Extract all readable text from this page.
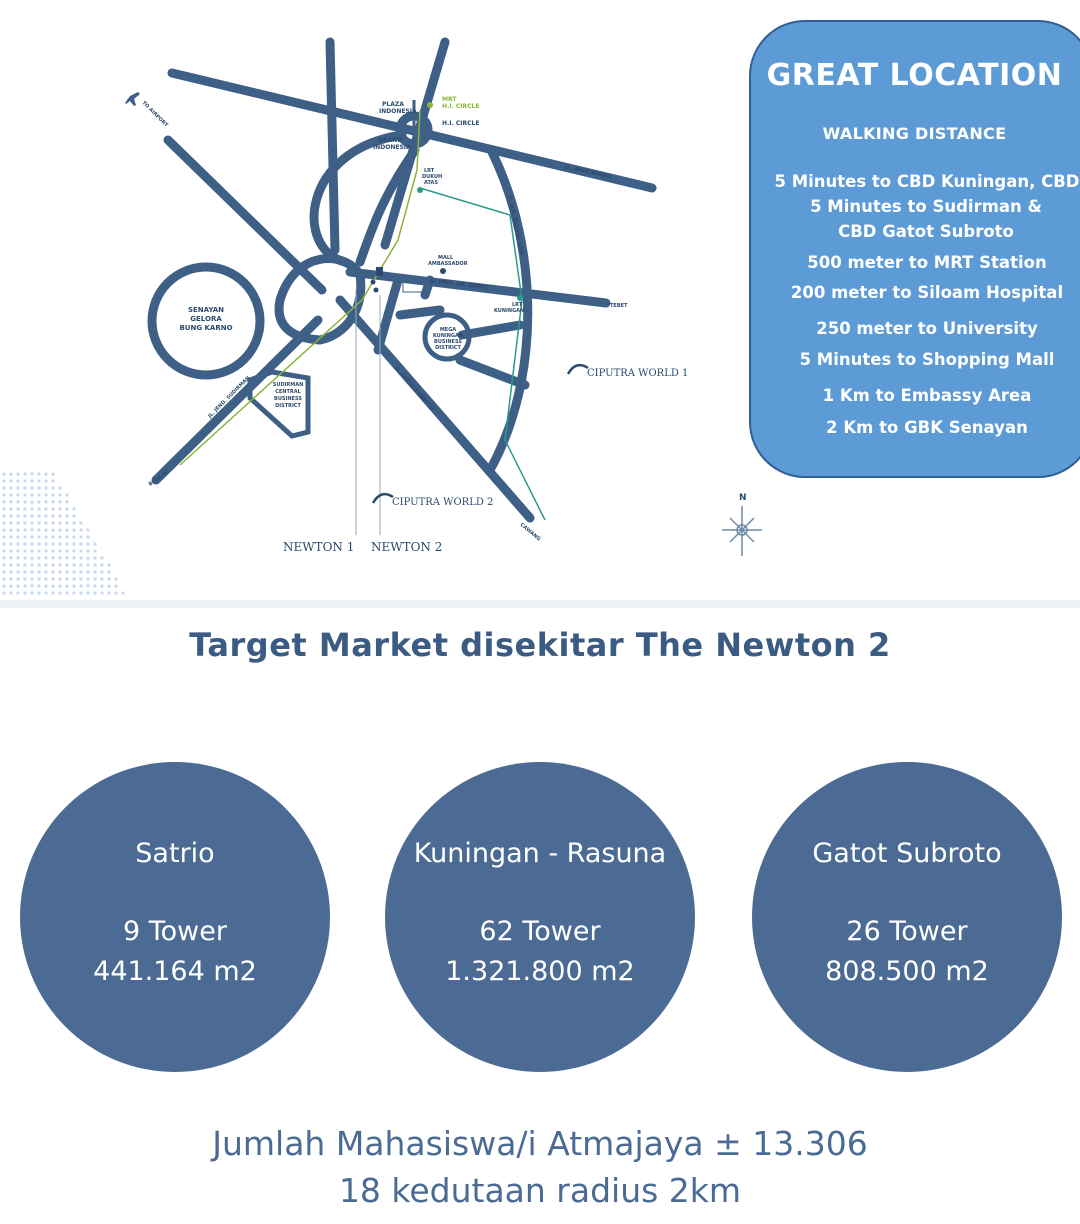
PLAZA INDONESIA
GRAND INDONESIA
MRT H.I. CIRCLE
H.I. CIRCLE
JL. IMAM BONJOL
JL. H.R. RASUNA SAID
LRT DUKUH ATAS
MALL AMBASSADOR
JL. PROF. DR. SATRIO
TEBET
LRT KUNINGAN
SENAYAN GELORA BUNG KARNO	MEGA KUNINGAN BUSINESS DISTRICT
SUDIRMAN CENTRAL BUSINESS DISTRICT
JL. JEND. SUDIRMAN	JL. GATOT SUBROTO
BLOK M
CAWANG
TO AIRPORT
CIPUTRA WORLD 1
CIPUTRA WORLD 2
NEWTON 1 NEWTON 2
N
GREAT LOCATION
WALKING DISTANCE
5 Minutes to CBD Kuningan, CBD
5 Minutes to Sudirman & CBD Gatot Subroto
500 meter to MRT Station
200 meter to Siloam Hospital
250 meter to University
5 Minutes to Shopping Mall
1 Km to Embassy Area
2 Km to GBK Senayan
Target Market disekitar The Newton 2
Satrio
9 Tower
441.164 m2
Kuningan - Rasuna
62 Tower
1.321.800 m2
Gatot Subroto
26 Tower
808.500 m2
Jumlah Mahasiswa/i Atmajaya ± 13.306
18 kedutaan radius 2km
